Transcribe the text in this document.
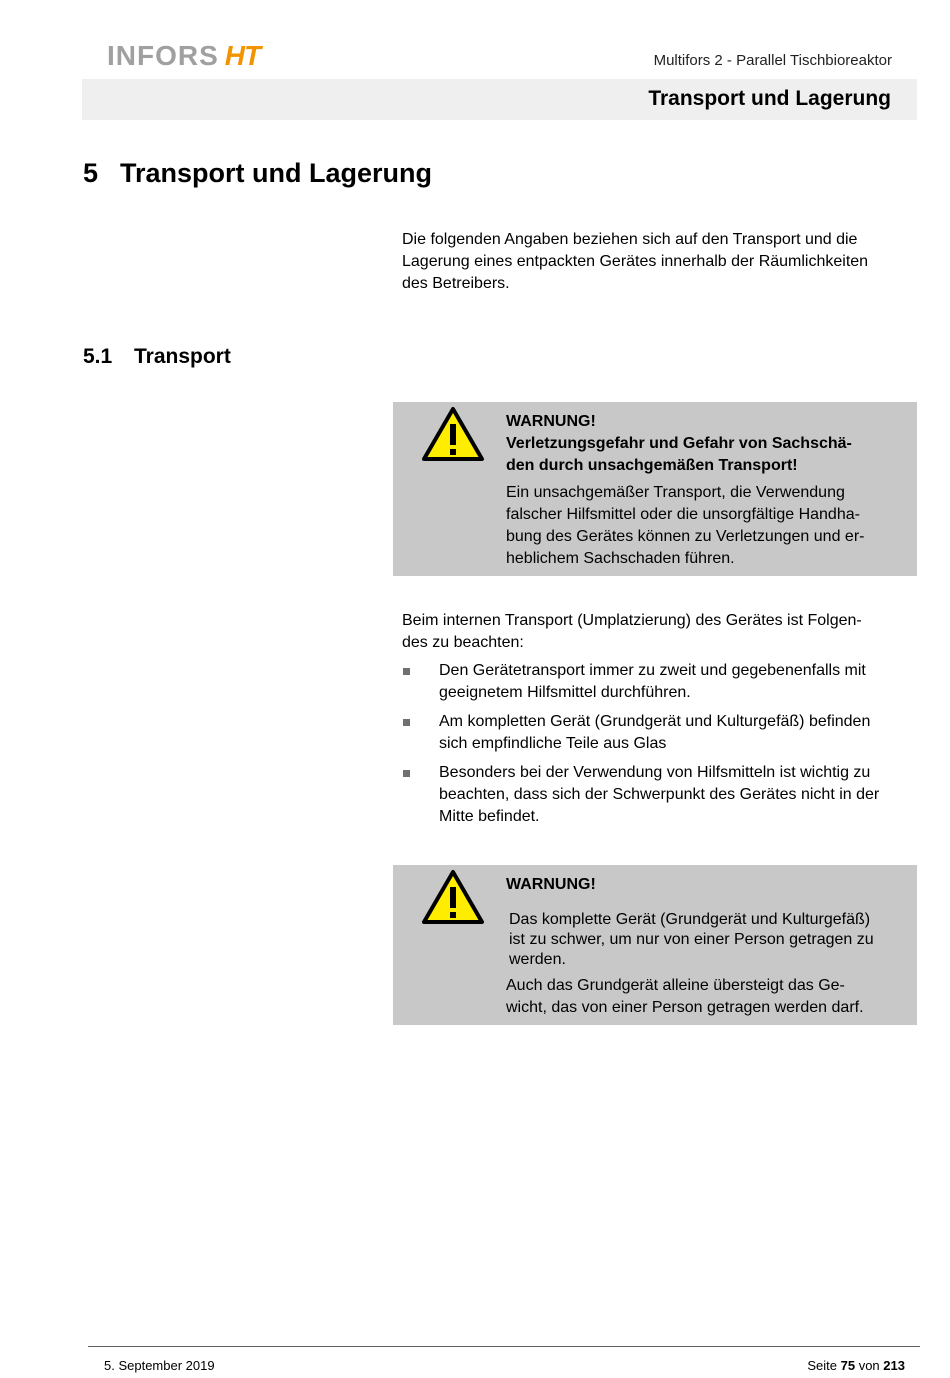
INFORS HT	Multifors 2 - Parallel Tischbioreaktor
Transport und Lagerung
5 Transport und Lagerung
Die folgenden Angaben beziehen sich auf den Transport und die
Lagerung eines entpackten Gerätes innerhalb der Räumlichkeiten
des Betreibers.
5.1 Transport
WARNUNG!
Verletzungsgefahr und Gefahr von Sachschä-
den durch unsachgemäßen Transport!
Ein unsachgemäßer Transport, die Verwendung
falscher Hilfsmittel oder die unsorgfältige Handha-
bung des Gerätes können zu Verletzungen und er-
heblichem Sachschaden führen.
Beim internen Transport (Umplatzierung) des Gerätes ist Folgen-
des zu beachten:
Den Gerätetransport immer zu zweit und gegebenenfalls mit
geeignetem Hilfsmittel durchführen.
Am kompletten Gerät (Grundgerät und Kulturgefäß) befinden
sich empfindliche Teile aus Glas
Besonders bei der Verwendung von Hilfsmitteln ist wichtig zu
beachten, dass sich der Schwerpunkt des Gerätes nicht in der
Mitte befindet.
WARNUNG!
Das komplette Gerät (Grundgerät und Kulturgefäß)
ist zu schwer, um nur von einer Person getragen zu
werden.
Auch das Grundgerät alleine übersteigt das Ge-
wicht, das von einer Person getragen werden darf.
5. September 2019	Seite 75 von 213
